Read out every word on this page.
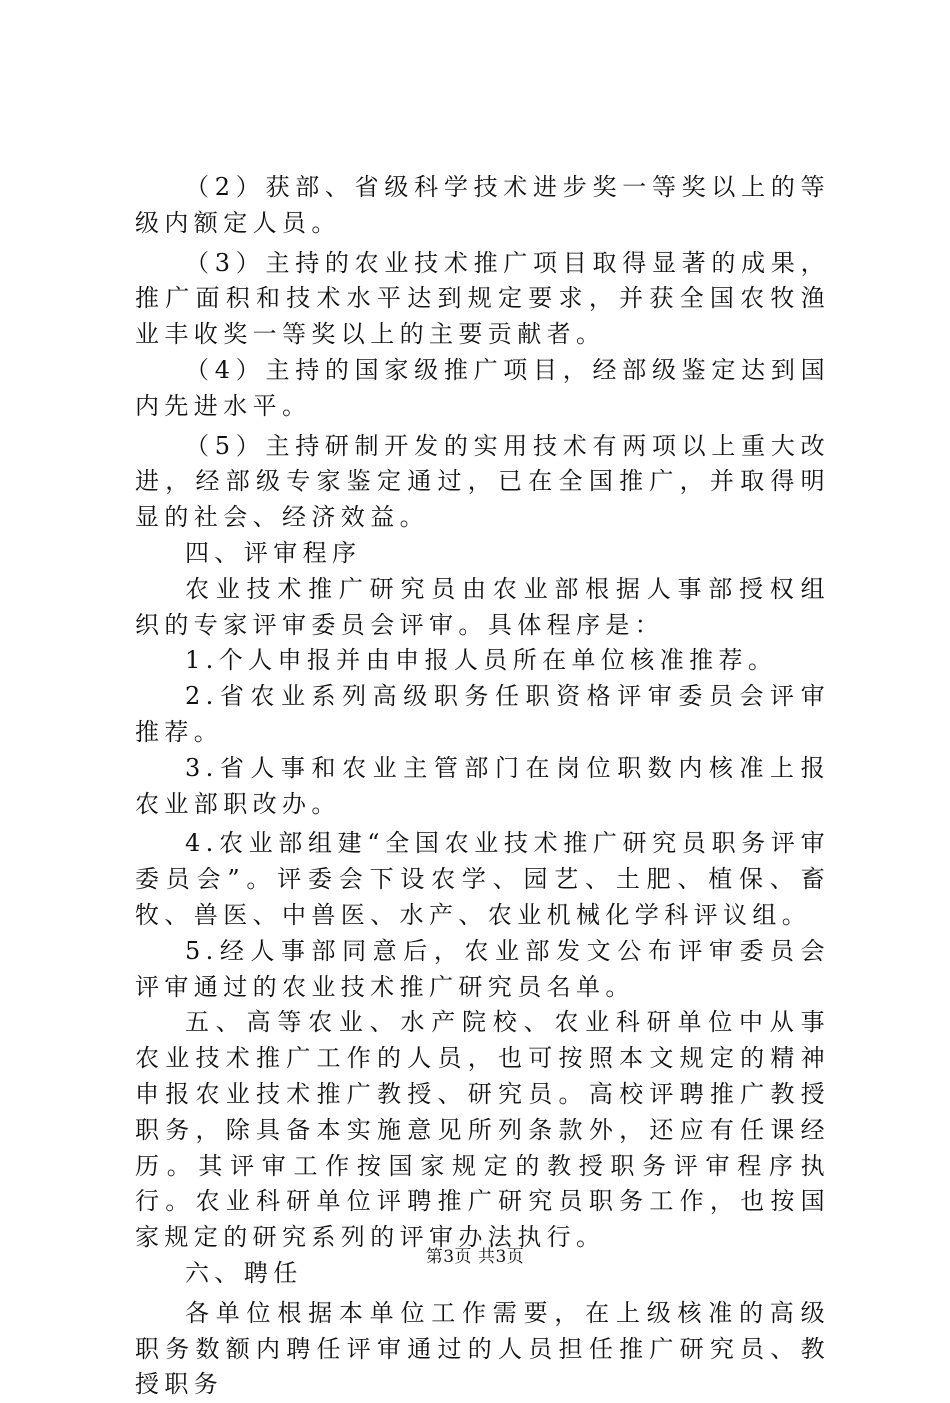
（2）获部、省级科学技术进步奖一等奖以上的等级内额定人员。

（3）主持的农业技术推广项目取得显著的成果，推广面积和技术水平达到规定要求，并获全国农牧渔业丰收奖一等奖以上的主要贡献者。

（4）主持的国家级推广项目，经部级鉴定达到国内先进水平。

（5）主持研制开发的实用技术有两项以上重大改进，经部级专家鉴定通过，已在全国推广，并取得明显的社会、经济效益。

四、评审程序

农业技术推广研究员由农业部根据人事部授权组织的专家评审委员会评审。具体程序是：

1.个人申报并由申报人员所在单位核准推荐。

2.省农业系列高级职务任职资格评审委员会评审推荐。

3.省人事和农业主管部门在岗位职数内核准上报农业部职改办。

4.农业部组建“全国农业技术推广研究员职务评审委员会”。评委会下设农学、园艺、土肥、植保、畜牧、兽医、中兽医、水产、农业机械化学科评议组。

5.经人事部同意后，农业部发文公布评审委员会评审通过的农业技术推广研究员名单。

五、高等农业、水产院校、农业科研单位中从事农业技术推广工作的人员，也可按照本文规定的精神申报农业技术推广教授、研究员。高校评聘推广教授职务，除具备本实施意见所列条款外，还应有任课经历。其评审工作按国家规定的教授职务评审程序执行。农业科研单位评聘推广研究员职务工作，也按国家规定的研究系列的评审办法执行。

六、聘任

各单位根据本单位工作需要，在上级核准的高级职务数额内聘任评审通过的人员担任推广研究员、教授职务

第3页 共3页
